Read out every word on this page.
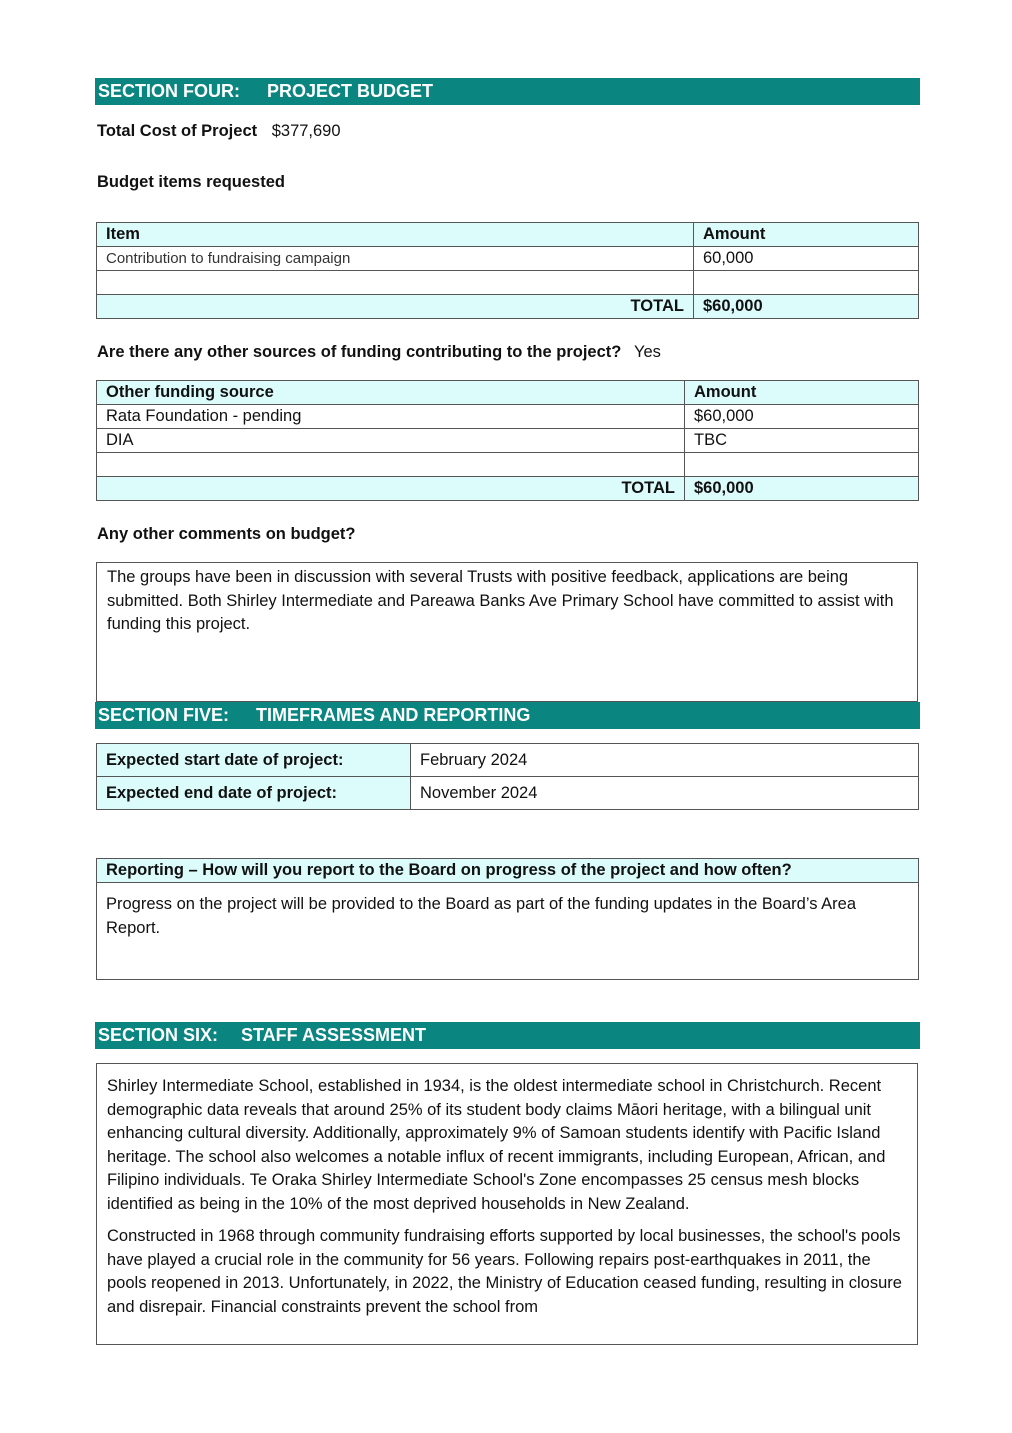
SECTION FOUR: PROJECT BUDGET
Total Cost of Project $377,690
Budget items requested
Item	Amount
Contribution to fundraising campaign	60,000

TOTAL	$60,000
Are there any other sources of funding contributing to the project? Yes
Other funding source	Amount
Rata Foundation - pending	$60,000
DIA	TBC

TOTAL	$60,000
Any other comments on budget?

The groups have been in discussion with several Trusts with positive feedback, applications are being submitted. Both Shirley Intermediate and Pareawa Banks Ave Primary School have committed to assist with funding this project.

SECTION FIVE: TIMEFRAMES AND REPORTING
Expected start date of project:	February 2024
Expected end date of project:	November 2024
Reporting – How will you report to the Board on progress of the project and how often?
Progress on the project will be provided to the Board as part of the funding updates in the Board’s Area Report.
SECTION SIX: STAFF ASSESSMENT

Shirley Intermediate School, established in 1934, is the oldest intermediate school in Christchurch. Recent demographic data reveals that around 25% of its student body claims Māori heritage, with a bilingual unit enhancing cultural diversity. Additionally, approximately 9% of Samoan students identify with Pacific Island heritage. The school also welcomes a notable influx of recent immigrants, including European, African, and Filipino individuals. Te Oraka Shirley Intermediate School's Zone encompasses 25 census mesh blocks identified as being in the 10% of the most deprived households in New Zealand.

Constructed in 1968 through community fundraising efforts supported by local businesses, the school's pools have played a crucial role in the community for 56 years. Following repairs post-earthquakes in 2011, the pools reopened in 2013. Unfortunately, in 2022, the Ministry of Education ceased funding, resulting in closure and disrepair. Financial constraints prevent the school from
